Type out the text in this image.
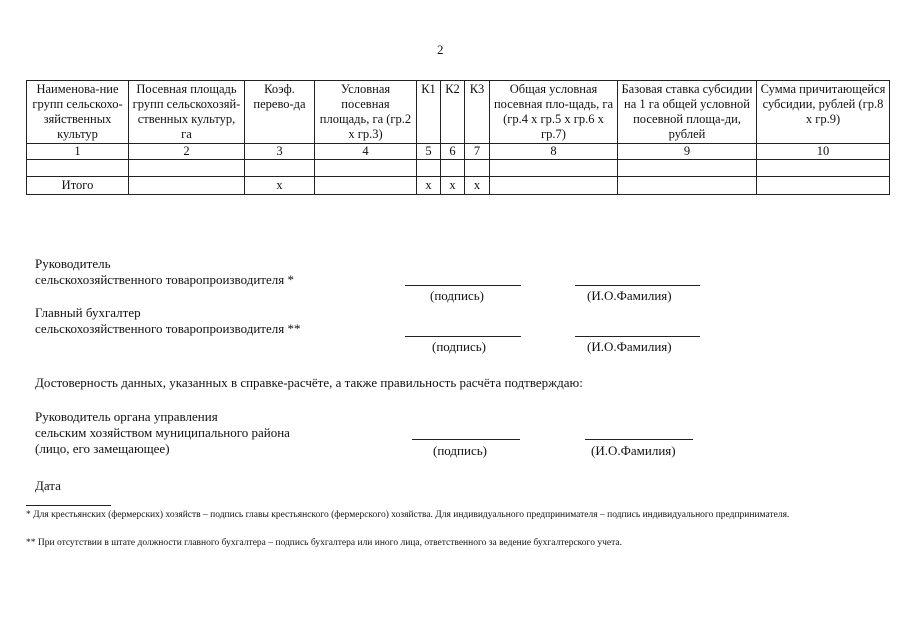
2
Наименова-ние групп сельскохо-зяйственных культур	Посевная площадь групп сельскохозяй-ственных культур, га	Коэф. перево-да	Условная посевная площадь, га (гр.2 х гр.3)	К1	К2	К3	Общая условная посевная пло-щадь, га (гр.4 х гр.5 х гр.6 х гр.7)	Базовая ставка субсидии на 1 га общей условной посевной площа-ди, рублей	Сумма причитающейся субсидии, рублей (гр.8 х гр.9)
1	2	3	4	5	6	7	8	9	10

Итого		х		х	х	х			
Руководитель
сельскохозяйственного товаропроизводителя *
(подпись)	(И.О.Фамилия)
Главный бухгалтер
сельскохозяйственного товаропроизводителя **
(подпись)	(И.О.Фамилия)
Достоверность данных, указанных в справке-расчёте, а также правильность расчёта подтверждаю:
Руководитель органа управления
сельским хозяйством муниципального района
(лицо, его замещающее)	(подпись)	(И.О.Фамилия)
Дата
* Для крестьянских (фермерских) хозяйств – подпись главы крестьянского (фермерского) хозяйства. Для индивидуального предпринимателя – подпись индивидуального предпринимателя.
** При отсутствии в штате должности главного бухгалтера – подпись бухгалтера или иного лица, ответственного за ведение бухгалтерского учета.
